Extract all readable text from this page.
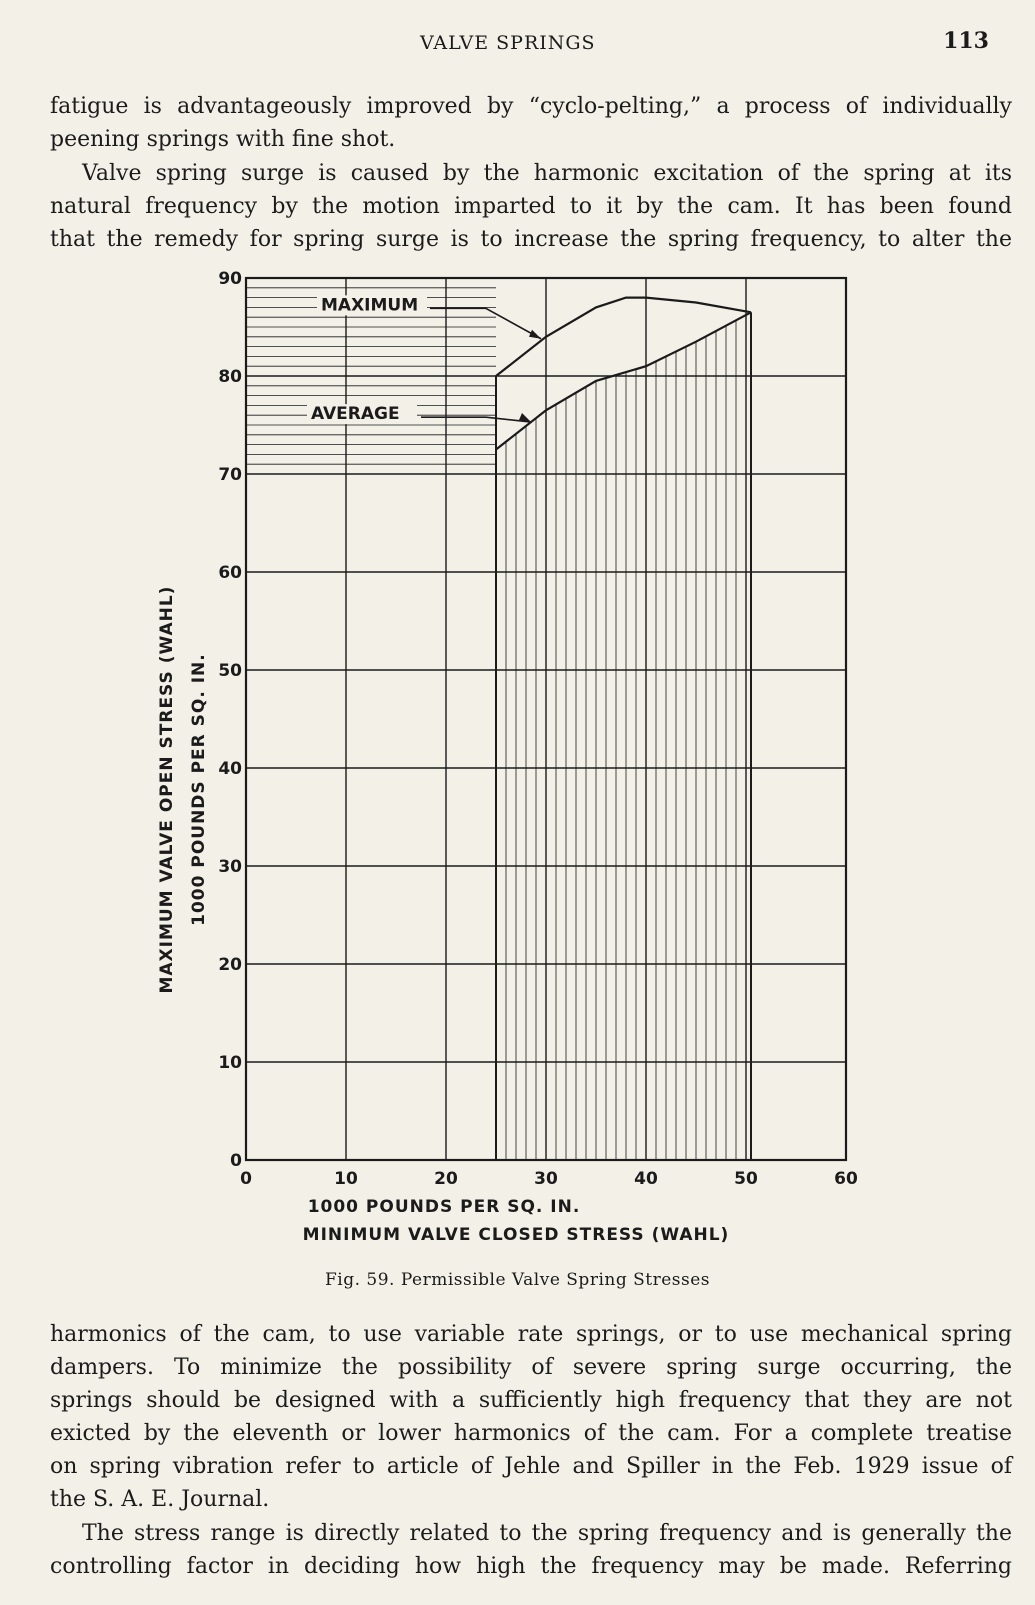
VALVE SPRINGS	113

fatigue is advantageously improved by “cyclo-pelting,” a process of individually
peening springs with fine shot.

Valve spring surge is caused by the harmonic excitation of the spring at its
natural frequency by the motion imparted to it by the cam. It has been found
that the remedy for spring surge is to increase the spring frequency, to alter the

MAXIMUM
AVERAGE
0	10	20	30	40	50	60
0
10
20
30
40
50
60
70
80
90
1000 POUNDS PER SQ. IN.
MINIMUM VALVE CLOSED STRESS (WAHL)
MAXIMUM VALVE OPEN STRESS (WAHL) 1000 POUNDS PER SQ. IN.
Fig. 59. Permissible Valve Spring Stresses

harmonics of the cam, to use variable rate springs, or to use mechanical spring
dampers. To minimize the possibility of severe spring surge occurring, the
springs should be designed with a sufficiently high frequency that they are not
exicted by the eleventh or lower harmonics of the cam. For a complete treatise
on spring vibration refer to article of Jehle and Spiller in the Feb. 1929 issue of
the S. A. E. Journal.

The stress range is directly related to the spring frequency and is generally the
controlling factor in deciding how high the frequency may be made. Referring
